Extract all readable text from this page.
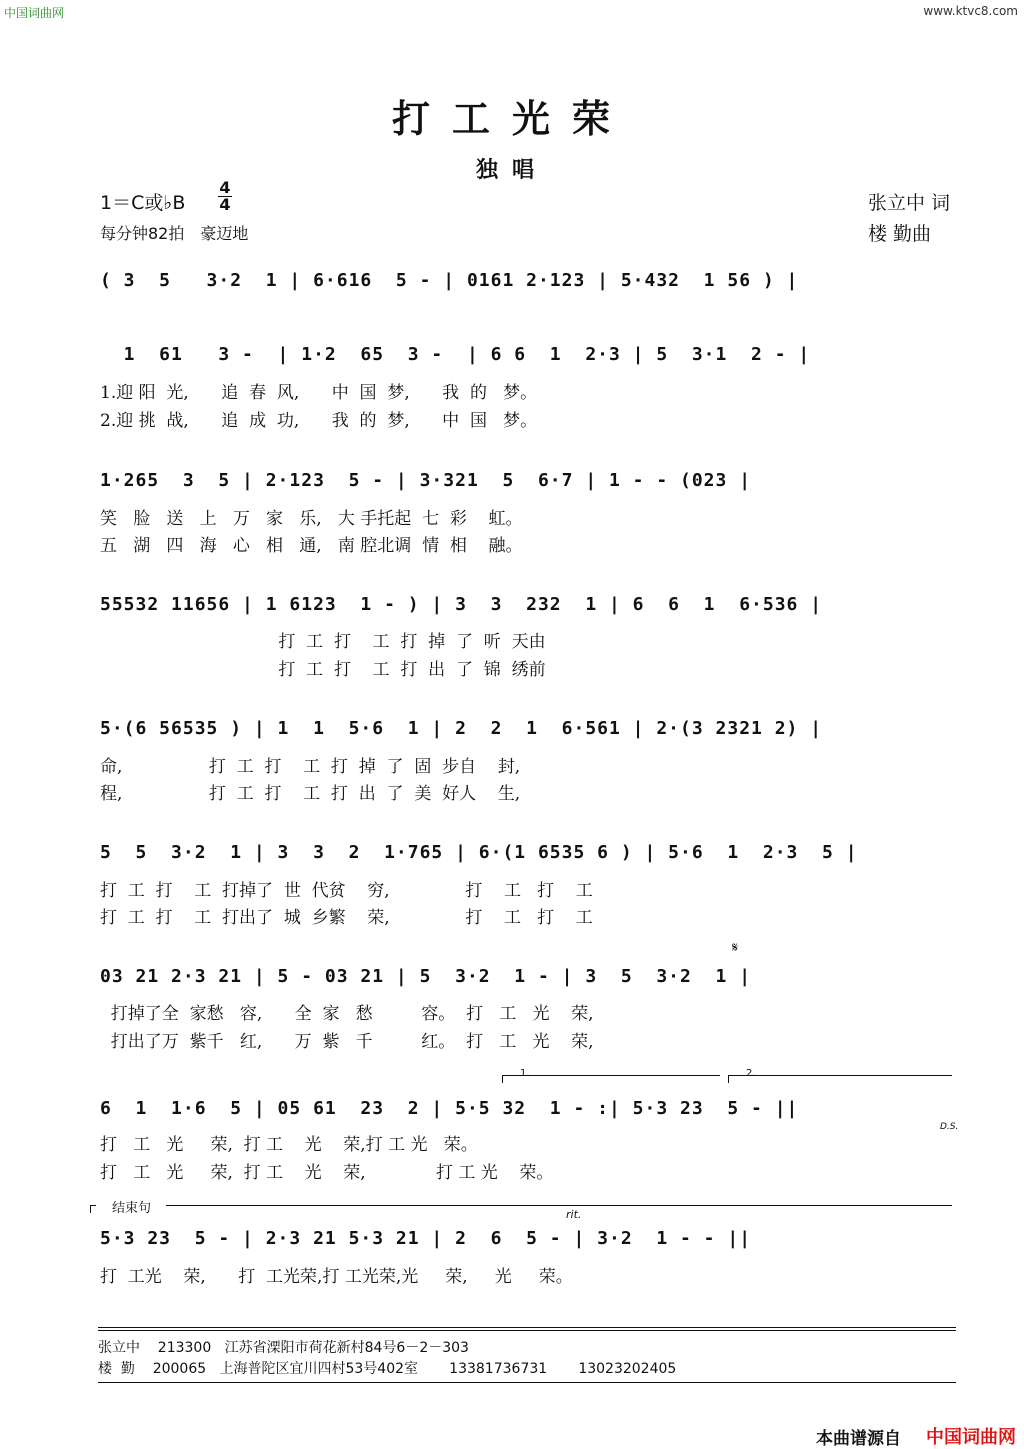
中国词曲网	www.ktvc8.com
打工光荣
独唱
1＝C或♭B
4
4
每分钟82拍　豪迈地
张立中 词
楼 勤曲
( 3  5   3·2  1 | 6·616  5 - | 0161 2·123 | 5·432  1 56 ) |
1  61   3 -  | 1·2  65  3 -  | 6 6  1  2·3 | 5  3·1  2 - |
1.迎 阳  光,      追  春  风,      中  国  梦,      我  的   梦。
2.迎 挑  战,      追  成  功,      我  的  梦,      中  国   梦。
1·265  3  5 | 2·123  5 - | 3·321  5  6·7 | 1 - - (023 |
笑   脸   送   上   万   家   乐,   大 手托起  七  彩    虹。
五   湖   四   海   心   相   通,   南 腔北调  情  相    融。
55532 11656 | 1 6123  1 - ) | 3  3  232  1 | 6  6  1  6·536 |
打  工  打    工  打  掉  了  听  天由
打  工  打    工  打  出  了  锦  绣前
5·(6 56535 ) | 1  1  5·6  1 | 2  2  1  6·561 | 2·(3 2321 2) |
命,                打  工  打    工  打  掉  了  固  步自    封,
程,                打  工  打    工  打  出  了  美  好人    生,
5  5  3·2  1 | 3  3  2  1·765 | 6·(1 6535 6 ) | 5·6  1  2·3  5 |
打  工  打    工  打掉了  世  代贫    穷,              打    工   打    工
打  工  打    工  打出了  城  乡繁    荣,              打    工   打    工
𝄋
03 21 2·3 21 | 5 - 03 21 | 5  3·2  1 - | 3  5  3·2  1 |
打掉了全  家愁   容,      全  家   愁         容。  打   工   光    荣,
打出了万  紫千   红,      万  紫   千         红。  打   工   光    荣,
1.	2.
6  1  1·6  5 | 05 61  23  2 | 5·5 32  1 - :| 5·3 23  5 - ||
D.S.
打   工   光     荣,  打 工    光    荣,打 工 光   荣。
打   工   光     荣,  打 工    光    荣,             打 工 光    荣。
结束句	rit.
5·3 23  5 - | 2·3 21 5·3 21 | 2  6  5 - | 3·2  1 - - ||
打  工光    荣,      打  工光荣,打 工光荣,光     荣,     光     荣。
张立中    213300   江苏省溧阳市荷花新村84号6－2－303
楼  勤    200065   上海普陀区宜川四村53号402室       13381736731       13023202405
本曲谱源自 中国词曲网
